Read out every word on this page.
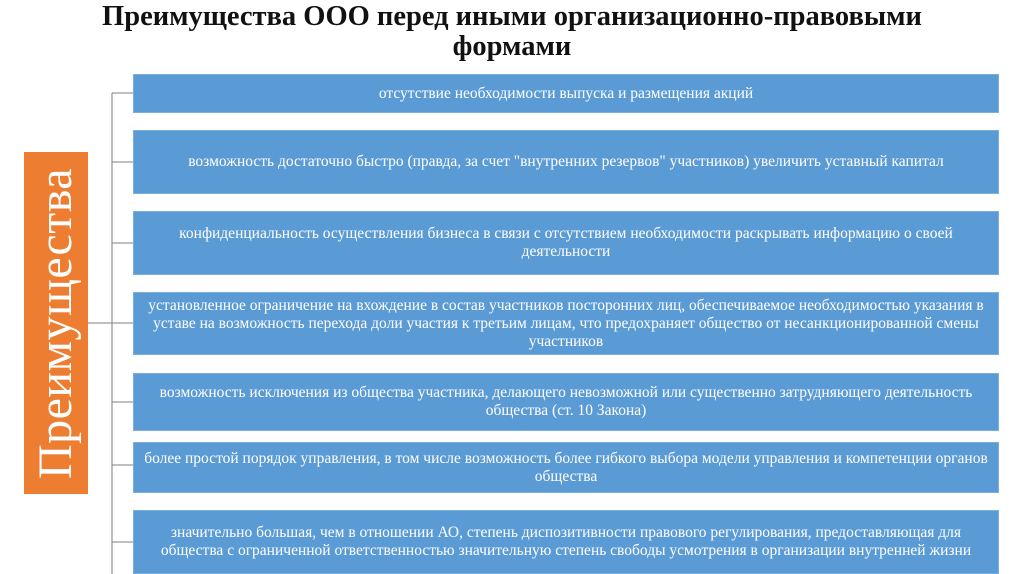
Преимущества ООО перед иными организационно-правовыми
формами
Преимущества
отсутствие необходимости выпуска и размещения акций
возможность достаточно быстро (правда, за счет "внутренних резервов" участников) увеличить уставный капитал
конфиденциальность осуществления бизнеса в связи с отсутствием необходимости раскрывать информацию о своей деятельности
установленное ограничение на вхождение в состав участников посторонних лиц, обеспечиваемое необходимостью указания в уставе на возможность перехода доли участия к третьим лицам, что предохраняет общество от несанкционированной смены участников
возможность исключения из общества участника, делающего невозможной или существенно затрудняющего деятельность общества (ст. 10 Закона)
более простой порядок управления, в том числе возможность более гибкого выбора модели управления и компетенции органов общества
значительно большая, чем в отношении АО, степень диспозитивности правового регулирования, предоставляющая для общества с ограниченной ответственностью значительную степень свободы усмотрения в организации внутренней жизни
